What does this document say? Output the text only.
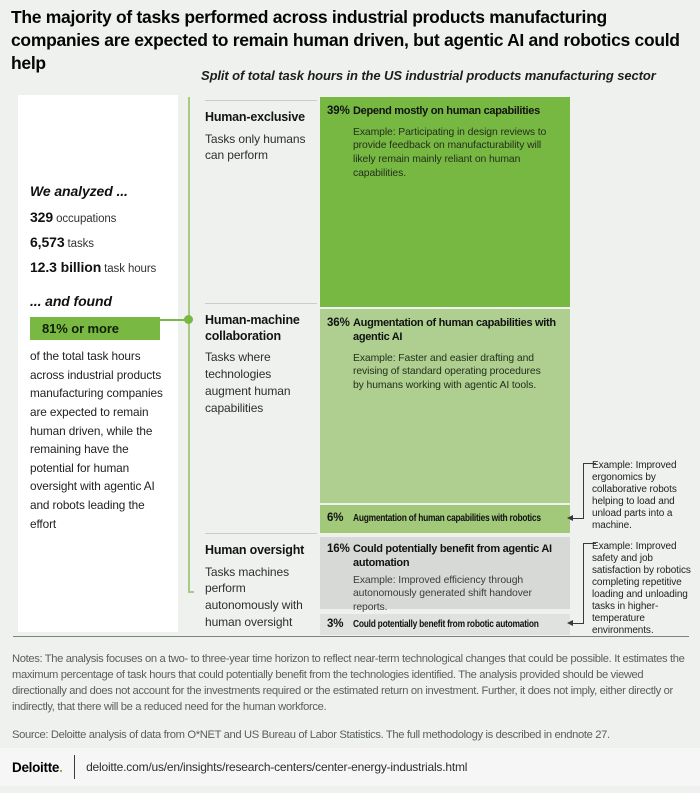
The majority of tasks performed across industrial products manufacturing companies are expected to remain human driven, but agentic AI and robotics could help
Split of total task hours in the US industrial products manufacturing sector
We analyzed ...
329 occupations
6,573 tasks
12.3 billion task hours
... and found
81% or more

of the total task hours across industrial products manufacturing companies are expected to remain human driven, while the remaining have the potential for human oversight with agentic AI and robots leading the effort

Human-exclusive
Tasks only humans can perform
Human-machine collaboration
Tasks where technologies augment human capabilities
Human oversight
Tasks machines perform autonomously with human oversight
39% Depend mostly on human capabilities

Example: Participating in design reviews to provide feedback on manufacturability will likely remain mainly reliant on human capabilities.

36% Augmentation of human capabilities with agentic AI

Example: Faster and easier drafting and revising of standard operating procedures by humans working with agentic AI tools.

6% Augmentation of human capabilities with robotics
16% Could potentially benefit from agentic AI automation

Example: Improved efficiency through autonomously generated shift handover reports.

3% Could potentially benefit from robotic automation
Example: Improved ergonomics by collaborative robots helping to load and unload parts into a machine.
Example: Improved safety and job satisfaction by robotics completing repetitive loading and unloading tasks in higher-temperature environments.

Notes: The analysis focuses on a two- to three-year time horizon to reflect near-term technological changes that could be possible. It estimates the maximum percentage of task hours that could potentially benefit from the technologies identified. The analysis provided should be viewed directionally and does not account for the investments required or the estimated return on investment. Further, it does not imply, either directly or indirectly, that there will be a reduced need for the human workforce.

Source: Deloitte analysis of data from O*NET and US Bureau of Labor Statistics. The full methodology is described in endnote 27.

Deloitte. deloitte.com/us/en/insights/research-centers/center-energy-industrials.html
